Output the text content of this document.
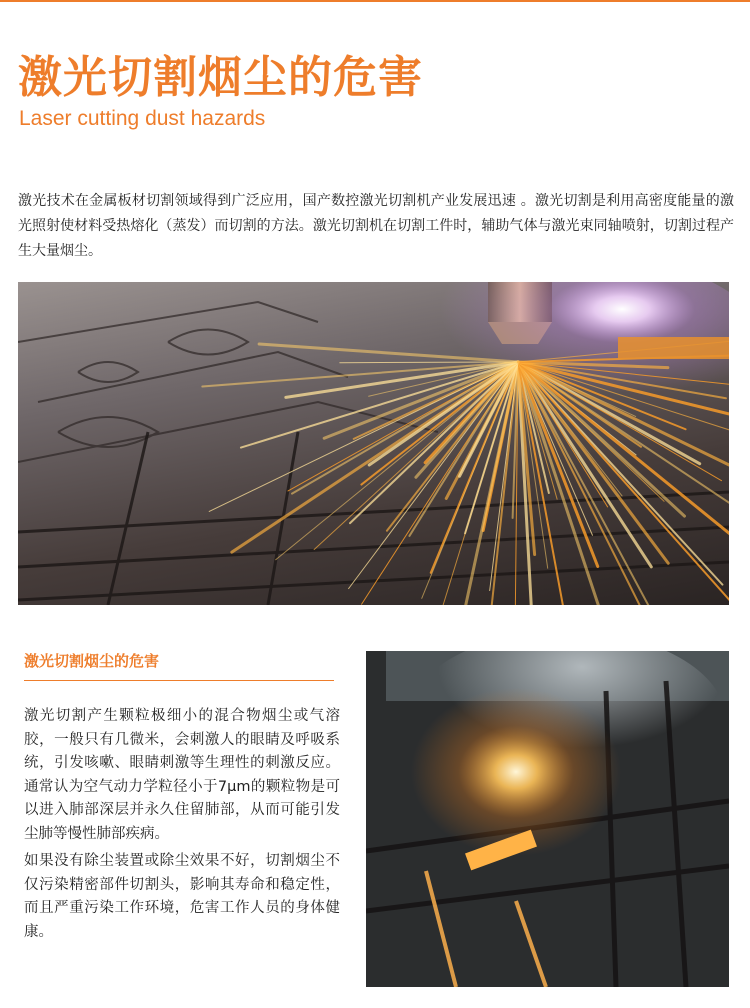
激光切割烟尘的危害
Laser cutting dust hazards
激光技术在金属板材切割领域得到广泛应用，国产数控激光切割机产业发展迅速 。激光切割是利用高密度能量的激光照射使材料受热熔化（蒸发）而切割的方法。激光切割机在切割工件时，辅助气体与激光束同轴喷射，切割过程产生大量烟尘。
激光切割烟尘的危害

激光切割产生颗粒极细小的混合物烟尘或气溶胶，一般只有几微米，会刺激人的眼睛及呼吸系统，引发咳嗽、眼睛刺激等生理性的刺激反应。通常认为空气动力学粒径小于7μm的颗粒物是可以进入肺部深层并永久住留肺部，从而可能引发尘肺等慢性肺部疾病。

如果没有除尘装置或除尘效果不好，切割烟尘不仅污染精密部件切割头，影响其寿命和稳定性，而且严重污染工作环境，危害工作人员的身体健康。
